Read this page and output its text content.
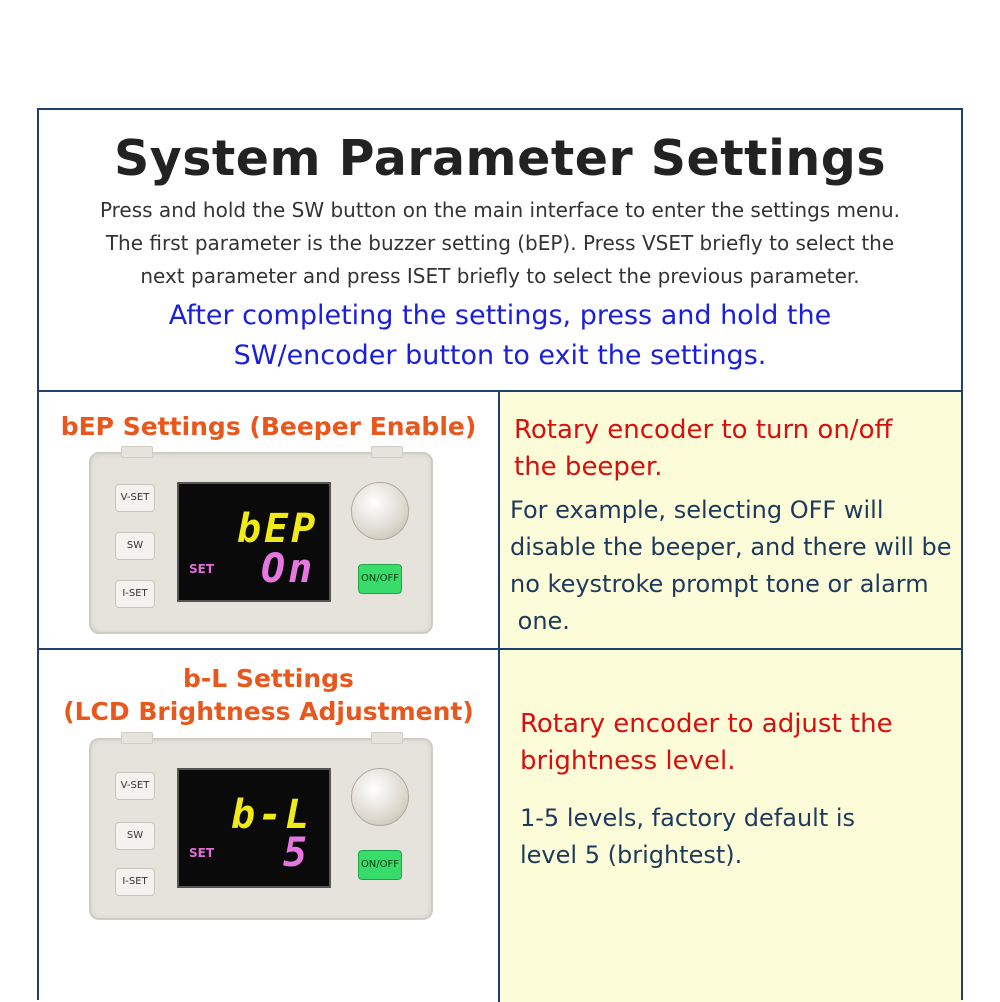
System Parameter Settings
Press and hold the SW button on the main interface to enter the settings menu.
The first parameter is the buzzer setting (bEP). Press VSET briefly to select the
next parameter and press ISET briefly to select the previous parameter.
After completing the settings, press and hold the
SW/encoder button to exit the settings.
bEP Settings (Beeper Enable)
V-SET
SW
I-SET
bEP
SET On	ON/OFF
Rotary encoder to turn on/off
the beeper.
For example, selecting OFF will
disable the beeper, and there will be
no keystroke prompt tone or alarm
one.
b-L Settings
(LCD Brightness Adjustment)
V-SET
SW
I-SET
b-L
SET 5	ON/OFF
Rotary encoder to adjust the
brightness level.
1-5 levels, factory default is
level 5 (brightest).
